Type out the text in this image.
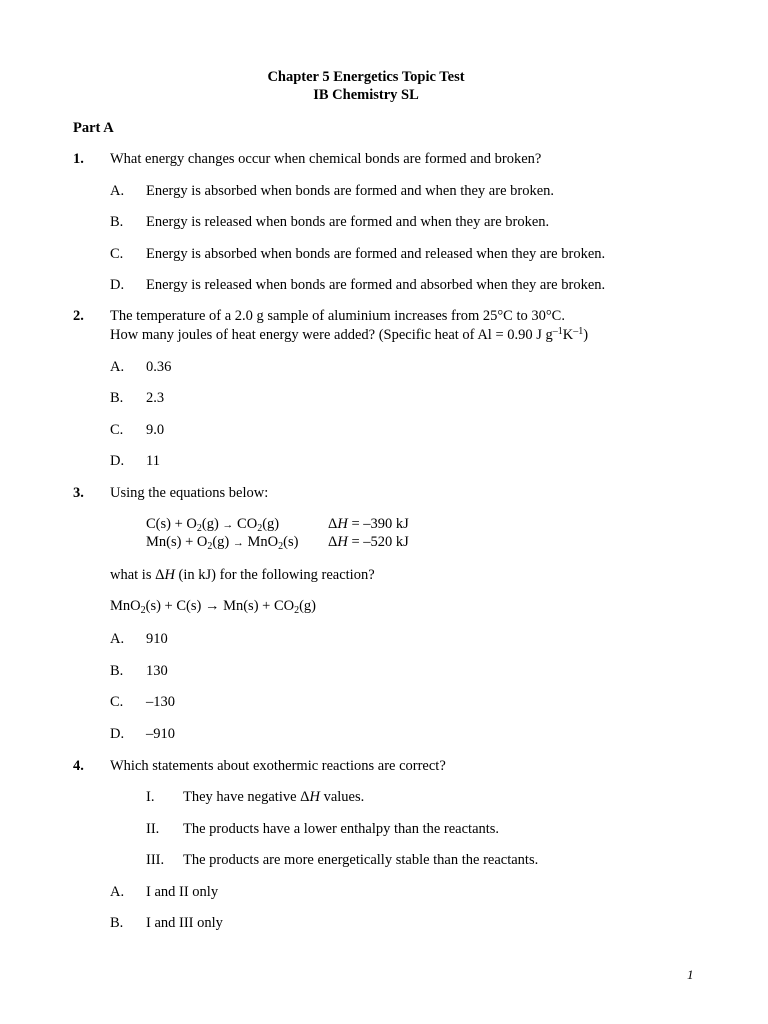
Chapter 5 Energetics Topic Test
IB Chemistry SL
Part A
1. What energy changes occur when chemical bonds are formed and broken?
A. Energy is absorbed when bonds are formed and when they are broken.
B. Energy is released when bonds are formed and when they are broken.
C. Energy is absorbed when bonds are formed and released when they are broken.
D. Energy is released when bonds are formed and absorbed when they are broken.
2. The temperature of a 2.0 g sample of aluminium increases from 25°C to 30°C.
How many joules of heat energy were added? (Specific heat of Al = 0.90 J $g^{-1}K^{-1}$)
A. 0.36
B. 2.3
C. 9.0
D. 11
3. Using the equations below:
$C(s) + O_2(g) \to CO_2(g)$	ΔH = –390 kJ
$Mn(s) + O_2(g) \to MnO_2(s) \Delta H = -520$ kJ
what is ΔH (in kJ) for the following reaction?
$MnO_2(s) + C(s) \to Mn(s) + CO_2(g)$
A. 910
B. 130
C. –130
D. –910
4. Which statements about exothermic reactions are correct?
I. They have negative ΔH values.
II. The products have a lower enthalpy than the reactants.
III. The products are more energetically stable than the reactants.
A. I and II only
B. I and III only
1
